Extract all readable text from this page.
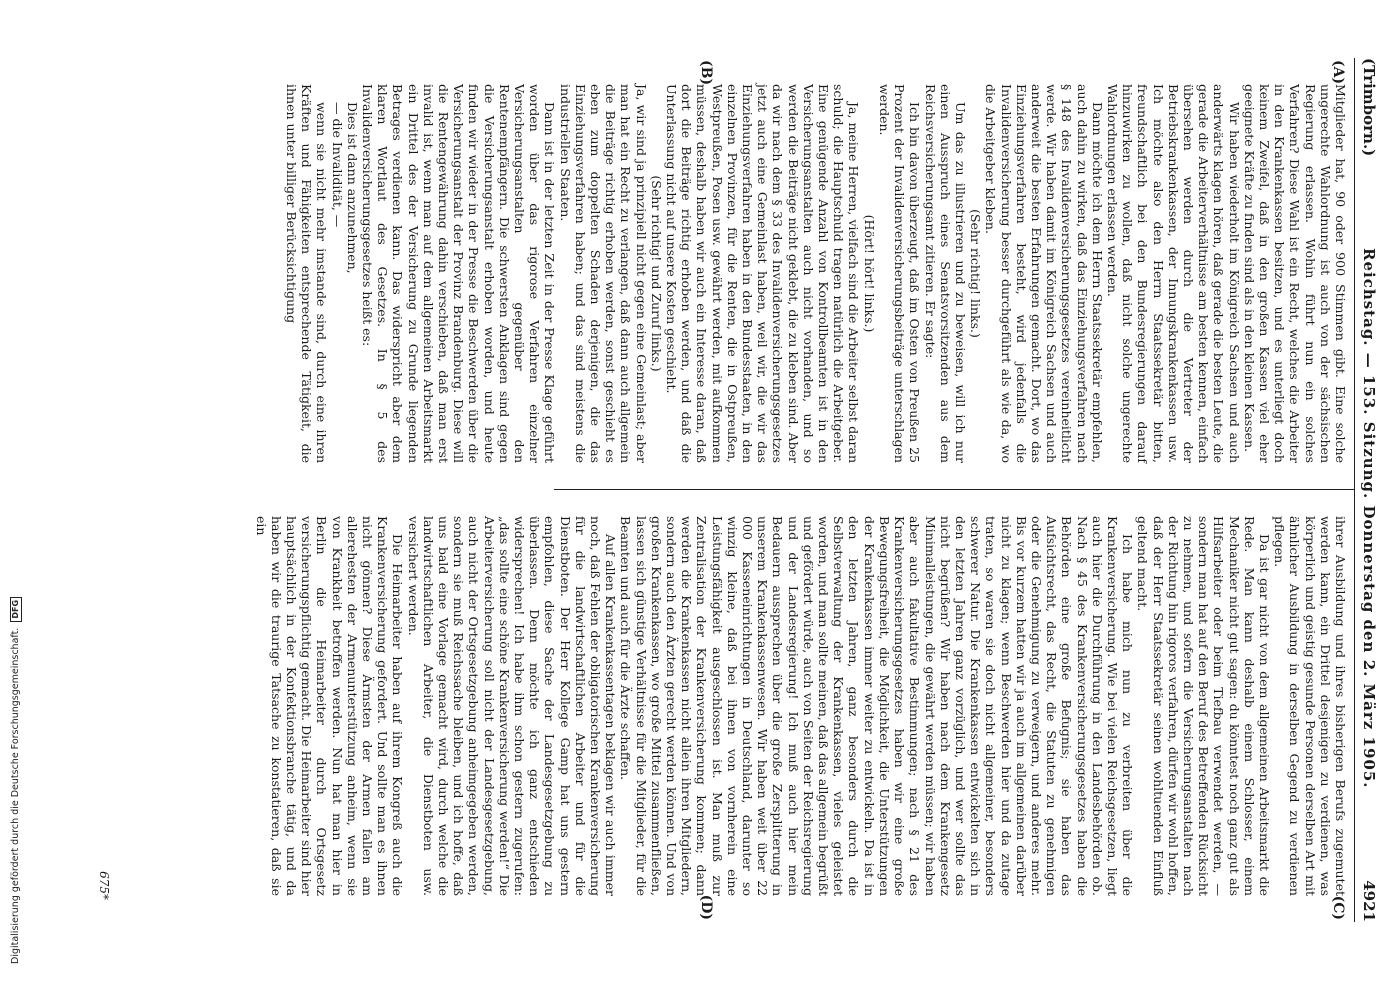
Digitalisierung gefördert durch die Deutsche Forschungsgemeinschaft. DFG
(Trimborn.)
Reichstag. — 153. Sitzung. Donnerstag den 2. März 1905.
4921
(A)
(B)
(C)
(D)

Mitglieder hat, 90 oder 900 Stimmen gibt. Eine solche ungerechte Wahlordnung ist auch von der sächsischen Regierung erlassen. Wohin führt nun ein solches Verfahren? Diese Wahl ist ein Recht, welches die Arbeiter in den Krankenkassen besitzen, und es unterliegt doch keinem Zweifel, daß in den großen Kassen viel eher geeignete Kräfte zu finden sind als in den kleinen Kassen.

Wir haben wiederholt im Königreich Sachsen und auch anderwärts klagen hören, daß gerade die besten Leute, die gerade die Arbeiterverhältnisse am besten kennen, einfach übersehen werden durch die Vertreter der Betriebskrankenkassen, der Innungskrankenkassen usw. Ich möchte also den Herrn Staatssekretär bitten, freundschaftlich bei den Bundesregierungen darauf hinzuwirken zu wollen, daß nicht solche ungerechte Wahlordnungen erlassen werden.

Dann möchte ich dem Herrn Staatssekretär empfehlen, auch dahin zu wirken, daß das Einziehungsverfahren nach § 148 des Invalidenversicherungsgesetzes vereinheitlicht werde. Wir haben damit im Königreich Sachsen und auch anderweit die besten Erfahrungen gemacht. Dort, wo das Einziehungsverfahren besteht, wird jedenfalls die Invalidenversicherung besser durchgeführt als wie da, wo die Arbeitgeber kleben.

(Sehr richtig! links.)

Um das zu illustrieren und zu beweisen, will ich nur einen Ausspruch eines Senatsvorsitzenden aus dem Reichsversicherungsamt zitieren. Er sagte:

Ich bin davon überzeugt, daß im Osten von Preußen 25 Prozent der Invalidenversicherungsbeiträge unterschlagen werden.

(Hört! hört! links.)

Ja, meine Herren, vielfach sind die Arbeiter selbst daran schuld; die Hauptschuld tragen natürlich die Arbeitgeber. Eine genügende Anzahl von Kontrollbeamten ist in den Versicherungsanstalten auch nicht vorhanden, und so werden die Beiträge nicht geklebt, die zu kleben sind. Aber da wir nach dem § 33 des Invalidenversicherungsgesetzes jetzt auch eine Gemeinlast haben, weil wir, die wir das Einziehungsverfahren haben in den Bundesstaaten, in den einzelnen Provinzen, für die Renten, die in Ostpreußen, Westpreußen, Posen usw. gewährt werden, mit aufkommen müssen, deshalb haben wir auch ein Interesse daran, daß dort die Beiträge richtig erhoben werden, und daß die Unterlassung nicht auf unsere Kosten geschieht.

(Sehr richtig! und Zuruf links.)

Ja, wir sind ja prinzipiell nicht gegen eine Gemeinlast; aber man hat ein Recht zu verlangen, daß dann auch allgemein die Beiträge richtig erhoben werden, sonst geschieht es eben zum doppelten Schaden derjenigen, die das Einziehungsverfahren haben; und das sind meistens die industriellen Staaten.

Dann ist in der letzten Zeit in der Presse Klage geführt worden über das rigorose Verfahren einzelner Versicherungsanstalten gegenüber den Rentenempfängern. Die schwersten Anklagen sind gegen die Versicherungsanstalt erhoben worden, und heute finden wir wieder in der Presse die Beschwerden über die Versicherungsanstalt der Provinz Brandenburg. Diese will die Rentengewährung dahin verschieben, daß man erst invalid ist, wenn man auf dem allgemeinen Arbeitsmarkt ein Drittel des der Versicherung zu Grunde liegenden Betrages verdienen kann. Das widerspricht aber dem klaren Wortlaut des Gesetzes. In § 5 des Invalidenversicherungsgesetzes heißt es:

Dies ist dann anzunehmen,

— die Invalidität, —

wenn sie nicht mehr imstande sind, durch eine ihren Kräften und Fähigkeiten entsprechende Tätigkeit, die ihnen unter billiger Berücksichtigung

ihrer Ausbildung und ihres bisherigen Berufs zugemutet werden kann, ein Drittel desjenigen zu verdienen, was körperlich und geistig gesunde Personen derselben Art mit ähnlicher Ausbildung in derselben Gegend zu verdienen pflegen.

Da ist gar nicht von dem allgemeinen Arbeitsmarkt die Rede. Man kann deshalb einem Schlosser, einem Mechaniker nicht gut sagen: du könntest noch ganz gut als Hilfsarbeiter oder beim Tiefbau verwendet werden, — sondern man hat auf den Beruf des Betreffenden Rücksicht zu nehmen, und sofern die Versicherungsanstalten nach der Richtung hin rigoros verfahren, dürfen wir wohl hoffen, daß der Herr Staatssekretär seinen wohltuenden Einfluß geltend macht.

Ich habe mich nun zu verbreiten über die Krankenversicherung. Wie bei vielen Reichsgesetzen, liegt auch hier die Durchführung in den Landesbehörden ob. Nach § 45 des Krankenversicherungsgesetzes haben die Behörden eine große Befugnis; sie haben das Aufsichtsrecht, das Recht, die Statuten zu genehmigen oder die Genehmigung zu verweigern, und anderes mehr. Bis vor kurzem hatten wir ja auch im allgemeinen darüber nicht zu klagen; wenn Beschwerden hier und da zutage traten, so waren sie doch nicht allgemeiner, besonders schwerer Natur. Die Krankenkassen entwickelten sich in den letzten Jahren ganz vorzüglich, und wer sollte das nicht begrüßen? Wir haben nach dem Krankengesetz Minimalleistungen, die gewährt werden müssen; wir haben aber auch fakultative Bestimmungen; nach § 21 des Krankenversicherungsgesetzes haben wir eine große Bewegungsfreiheit, die Möglichkeit, die Unterstützungen der Krankenkassen immer weiter zu entwickeln. Da ist in den letzten Jahren, ganz besonders durch die Selbstverwaltung der Krankenkassen, vieles geleistet worden, und man sollte meinen, daß das allgemein begrüßt und gefördert würde, auch von Seiten der Reichsregierung und der Landesregierung! Ich muß auch hier mein Bedauern aussprechen über die große Zersplitterung in unserem Krankenkassenwesen. Wir haben weit über 22 000 Kasseneinrichtungen in Deutschland, darunter so winzig kleine, daß bei ihnen von vornherein eine Leistungsfähigkeit ausgeschlossen ist. Man muß zur Zentralisation der Krankenversicherung kommen; dann werden die Krankenkassen nicht allein ihren Mitgliedern, sondern auch den Ärzten gerecht werden können. Und von großen Krankenkassen, wo große Mittel zusammenfließen, lassen sich günstige Verhältnisse für die Mitglieder, für die Beamten und auch für die Ärzte schaffen.

Auf allen Krankenkassentagen beklagen wir auch immer noch, daß Fehlen der obligatorischen Krankenversicherung für die landwirtschaftlichen Arbeiter und für die Dienstboten. Der Herr Kollege Gamp hat uns gestern empfohlen, diese Sache der Landesgesetzgebung zu überlassen. Denn möchte ich ganz entschieden widersprechen! Ich habe ihm schon gestern zugerufen: „das sollte eine schöne Krankenversicherung werden!“ Die Arbeiterversicherung soll nicht der Landesgesetzgebung, auch nicht der Ortsgesetzgebung anheimgegeben werden, sondern sie muß Reichssache bleiben, und ich hoffe, daß uns bald eine Vorlage gemacht wird, durch welche die landwirtschaftlichen Arbeiter, die Dienstboten usw. versichert werden.

Die Heimarbeiter haben auf ihrem Kongreß auch die Krankenversicherung gefordert. Und sollte man es ihnen nicht gönnen? Diese Ärmsten der Armen fallen am allerehesten der Armenunterstützung anheim, wenn sie von Krankheit betroffen werden. Nun hat man hier in Berlin die Heimarbeiter durch Ortsgesetz versicherungspflichtig gemacht. Die Heimarbeiter sind hier hauptsächlich in der Konfektionsbranche tätig, und da haben wir die traurige Tatsache zu konstatieren, daß sie ein

675*
